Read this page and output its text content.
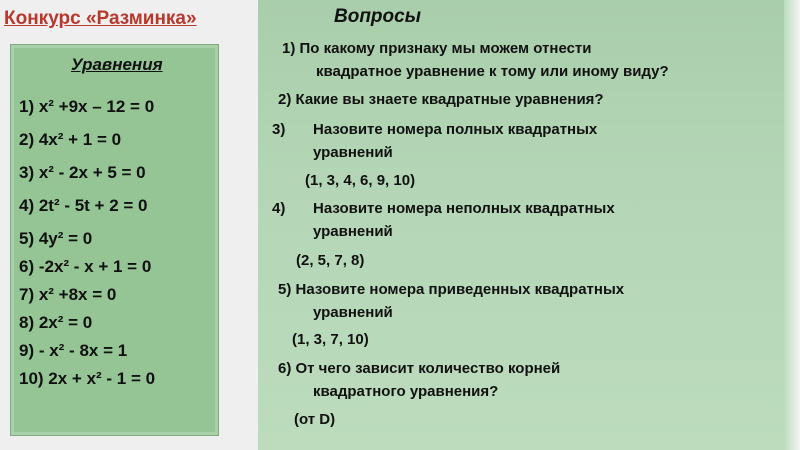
Конкурс «Разминка»
Уравнения
1) x² +9x – 12 = 0
2) 4x² + 1 = 0
3) x² - 2x + 5 = 0
4) 2t² - 5t + 2 = 0
5) 4y² = 0
6) -2x² - x + 1 = 0
7) x² +8x = 0
8) 2x² = 0
9) - x² - 8x = 1
10) 2x + x² - 1 = 0
Вопросы

1) По какому признаку мы можем отнести

квадратное уравнение к тому или иному виду?

2) Какие вы знаете квадратные уравнения?

3) Назовите номера полных квадратных

уравнений

(1, 3, 4, 6, 9, 10)

4) Назовите номера неполных квадратных

уравнений

(2, 5, 7, 8)

5) Назовите номера приведенных квадратных

уравнений

(1, 3, 7, 10)

6) От чего зависит количество корней

квадратного уравнения?

(от D)
